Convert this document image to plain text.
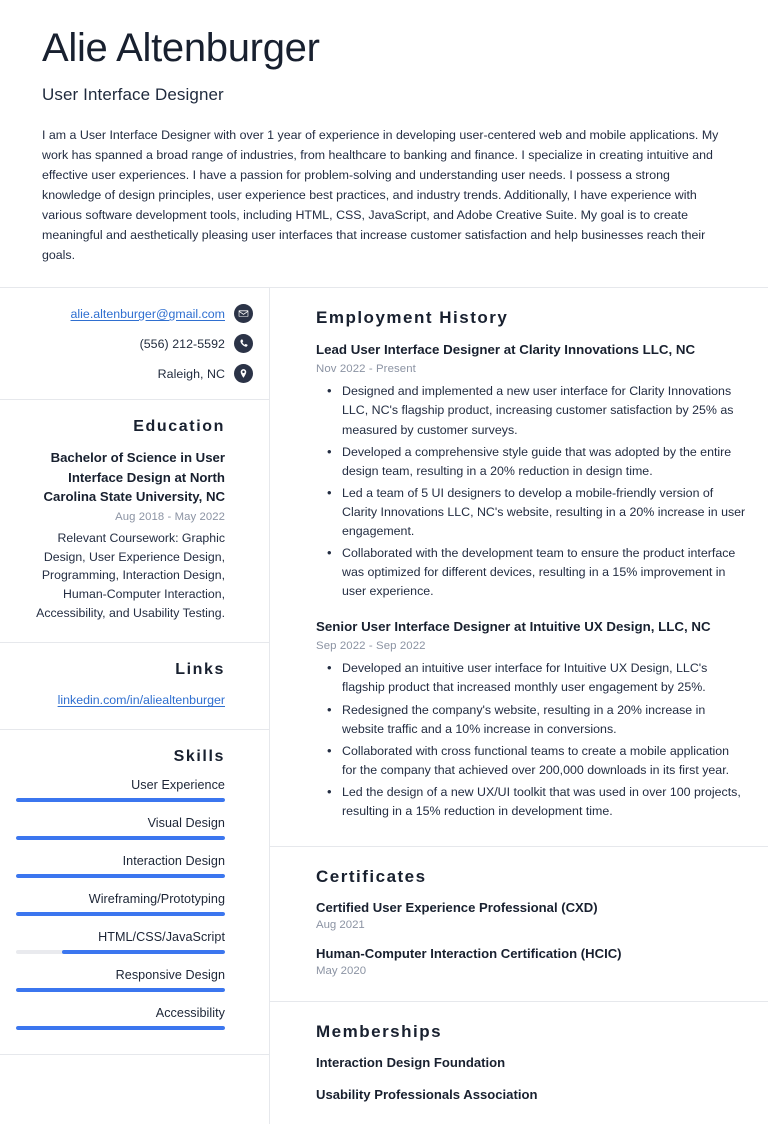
Alie Altenburger
User Interface Designer

I am a User Interface Designer with over 1 year of experience in developing user-centered web and mobile applications. My work has spanned a broad range of industries, from healthcare to banking and finance. I specialize in creating intuitive and effective user experiences. I have a passion for problem-solving and understanding user needs. I possess a strong knowledge of design principles, user experience best practices, and industry trends. Additionally, I have experience with various software development tools, including HTML, CSS, JavaScript, and Adobe Creative Suite. My goal is to create meaningful and aesthetically pleasing user interfaces that increase customer satisfaction and help businesses reach their goals.

alie.altenburger@gmail.com
(556) 212-5592
Raleigh, NC
Education
Bachelor of Science in User Interface Design at North Carolina State University, NC
Aug 2018 - May 2022
Relevant Coursework: Graphic Design, User Experience Design, Programming, Interaction Design, Human-Computer Interaction, Accessibility, and Usability Testing.
Links
linkedin.com/in/aliealtenburger
Skills
User Experience
Visual Design
Interaction Design
Wireframing/Prototyping
HTML/CSS/JavaScript
Responsive Design
Accessibility
Employment History
Lead User Interface Designer at Clarity Innovations LLC, NC
Nov 2022 - Present
• Designed and implemented a new user interface for Clarity Innovations LLC, NC's flagship product, increasing customer satisfaction by 25% as measured by customer surveys.
• Developed a comprehensive style guide that was adopted by the entire design team, resulting in a 20% reduction in design time.
• Led a team of 5 UI designers to develop a mobile-friendly version of Clarity Innovations LLC, NC's website, resulting in a 20% increase in user engagement.
• Collaborated with the development team to ensure the product interface was optimized for different devices, resulting in a 15% improvement in user experience.
Senior User Interface Designer at Intuitive UX Design, LLC, NC
Sep 2022 - Sep 2022
• Developed an intuitive user interface for Intuitive UX Design, LLC's flagship product that increased monthly user engagement by 25%.
• Redesigned the company's website, resulting in a 20% increase in website traffic and a 10% increase in conversions.
• Collaborated with cross functional teams to create a mobile application for the company that achieved over 200,000 downloads in its first year.
• Led the design of a new UX/UI toolkit that was used in over 100 projects, resulting in a 15% reduction in development time.
Certificates
Certified User Experience Professional (CXD)
Aug 2021
Human-Computer Interaction Certification (HCIC)
May 2020
Memberships
Interaction Design Foundation
Usability Professionals Association
